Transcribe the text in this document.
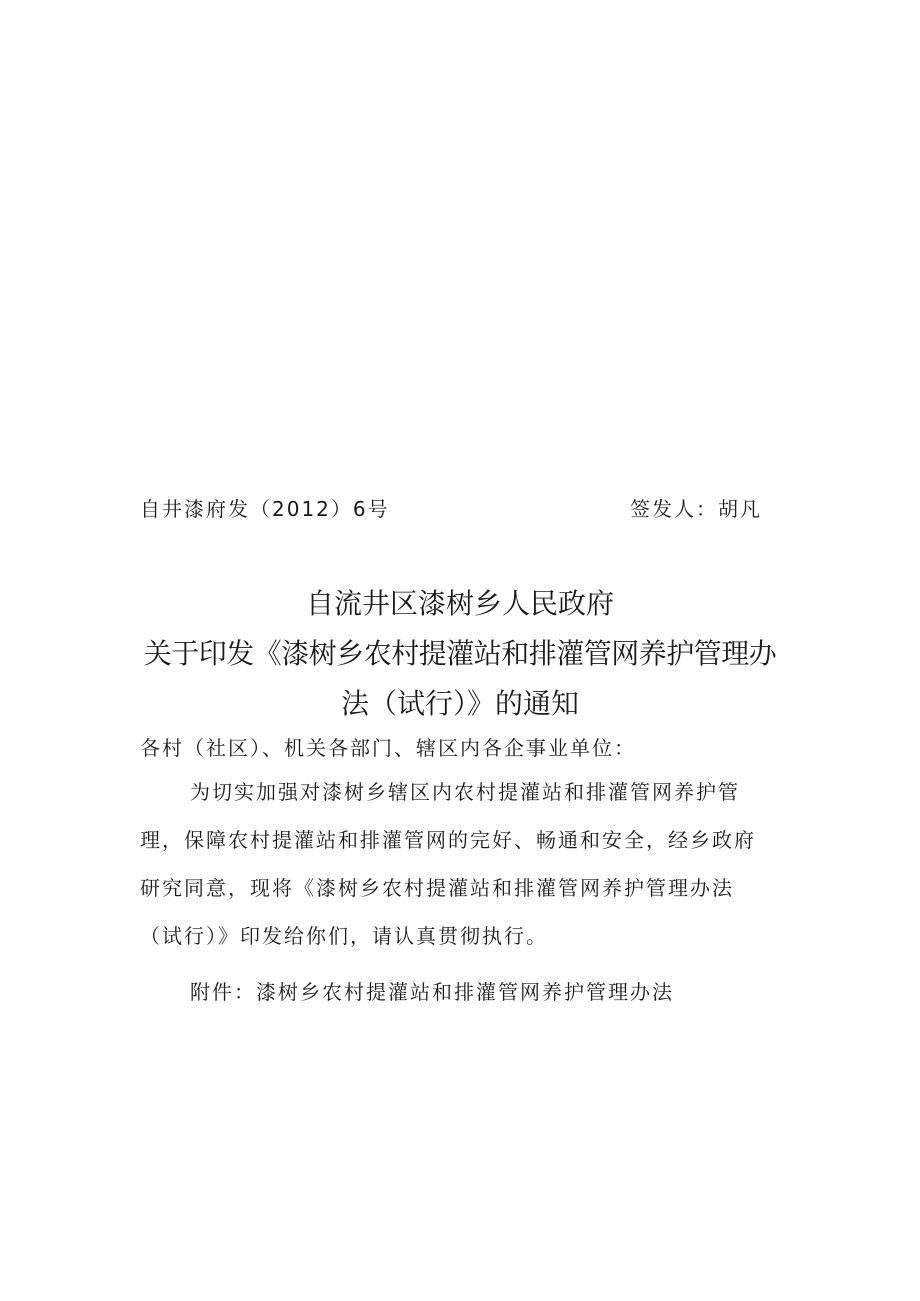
自井漆府发（2012）6号	签发人：胡凡
自流井区漆树乡人民政府
关于印发《漆树乡农村提灌站和排灌管网养护管理办
法（试行）》的通知

各村（社区）、机关各部门、辖区内各企事业单位：

为切实加强对漆树乡辖区内农村提灌站和排灌管网养护管

理，保障农村提灌站和排灌管网的完好、畅通和安全，经乡政府

研究同意，现将《漆树乡农村提灌站和排灌管网养护管理办法

（试行）》印发给你们，请认真贯彻执行。

附件：漆树乡农村提灌站和排灌管网养护管理办法
